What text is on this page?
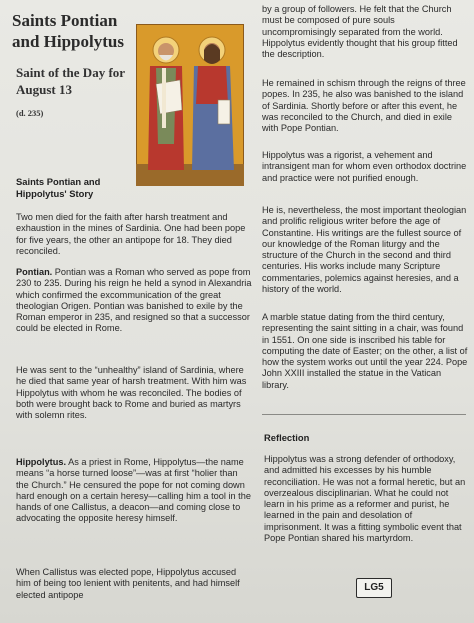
Saints Pontian and Hippolytus
Saint of the Day for August 13
(d. 235)
Saints Pontian and Hippolytus' Story

Two men died for the faith after harsh treatment and exhaustion in the mines of Sardinia. One had been pope for five years, the other an antipope for 18. They died reconciled.

Pontian. Pontian was a Roman who served as pope from 230 to 235. During his reign he held a synod in Alexandria which confirmed the excommunication of the great theologian Origen. Pontian was banished to exile by the Roman emperor in 235, and resigned so that a successor could be elected in Rome.

He was sent to the “unhealthy” island of Sardinia, where he died that same year of harsh treatment. With him was Hippolytus with whom he was reconciled. The bodies of both were brought back to Rome and buried as martyrs with solemn rites.

Hippolytus. As a priest in Rome, Hippolytus—the name means “a horse turned loose”—was at first “holier than the Church.” He censured the pope for not coming down hard enough on a certain heresy—calling him a tool in the hands of one Callistus, a deacon—and coming close to advocating the opposite heresy himself.

When Callistus was elected pope, Hippolytus accused him of being too lenient with penitents, and had himself elected antipope

by a group of followers. He felt that the Church must be composed of pure souls uncompromisingly separated from the world. Hippolytus evidently thought that his group fitted the description.

He remained in schism through the reigns of three popes. In 235, he also was banished to the island of Sardinia. Shortly before or after this event, he was reconciled to the Church, and died in exile with Pope Pontian.

Hippolytus was a rigorist, a vehement and intransigent man for whom even orthodox doctrine and practice were not purified enough.

He is, nevertheless, the most important theologian and prolific religious writer before the age of Constantine. His writings are the fullest source of our knowledge of the Roman liturgy and the structure of the Church in the second and third centuries. His works include many Scripture commentaries, polemics against heresies, and a history of the world.

A marble statue dating from the third century, representing the saint sitting in a chair, was found in 1551. On one side is inscribed his table for computing the date of Easter; on the other, a list of how the system works out until the year 224. Pope John XXIII installed the statue in the Vatican library.

Reflection

Hippolytus was a strong defender of orthodoxy, and admitted his excesses by his humble reconciliation. He was not a formal heretic, but an overzealous disciplinarian. What he could not learn in his prime as a reformer and purist, he learned in the pain and desolation of imprisonment. It was a fitting symbolic event that Pope Pontian shared his martyrdom.

LG5
